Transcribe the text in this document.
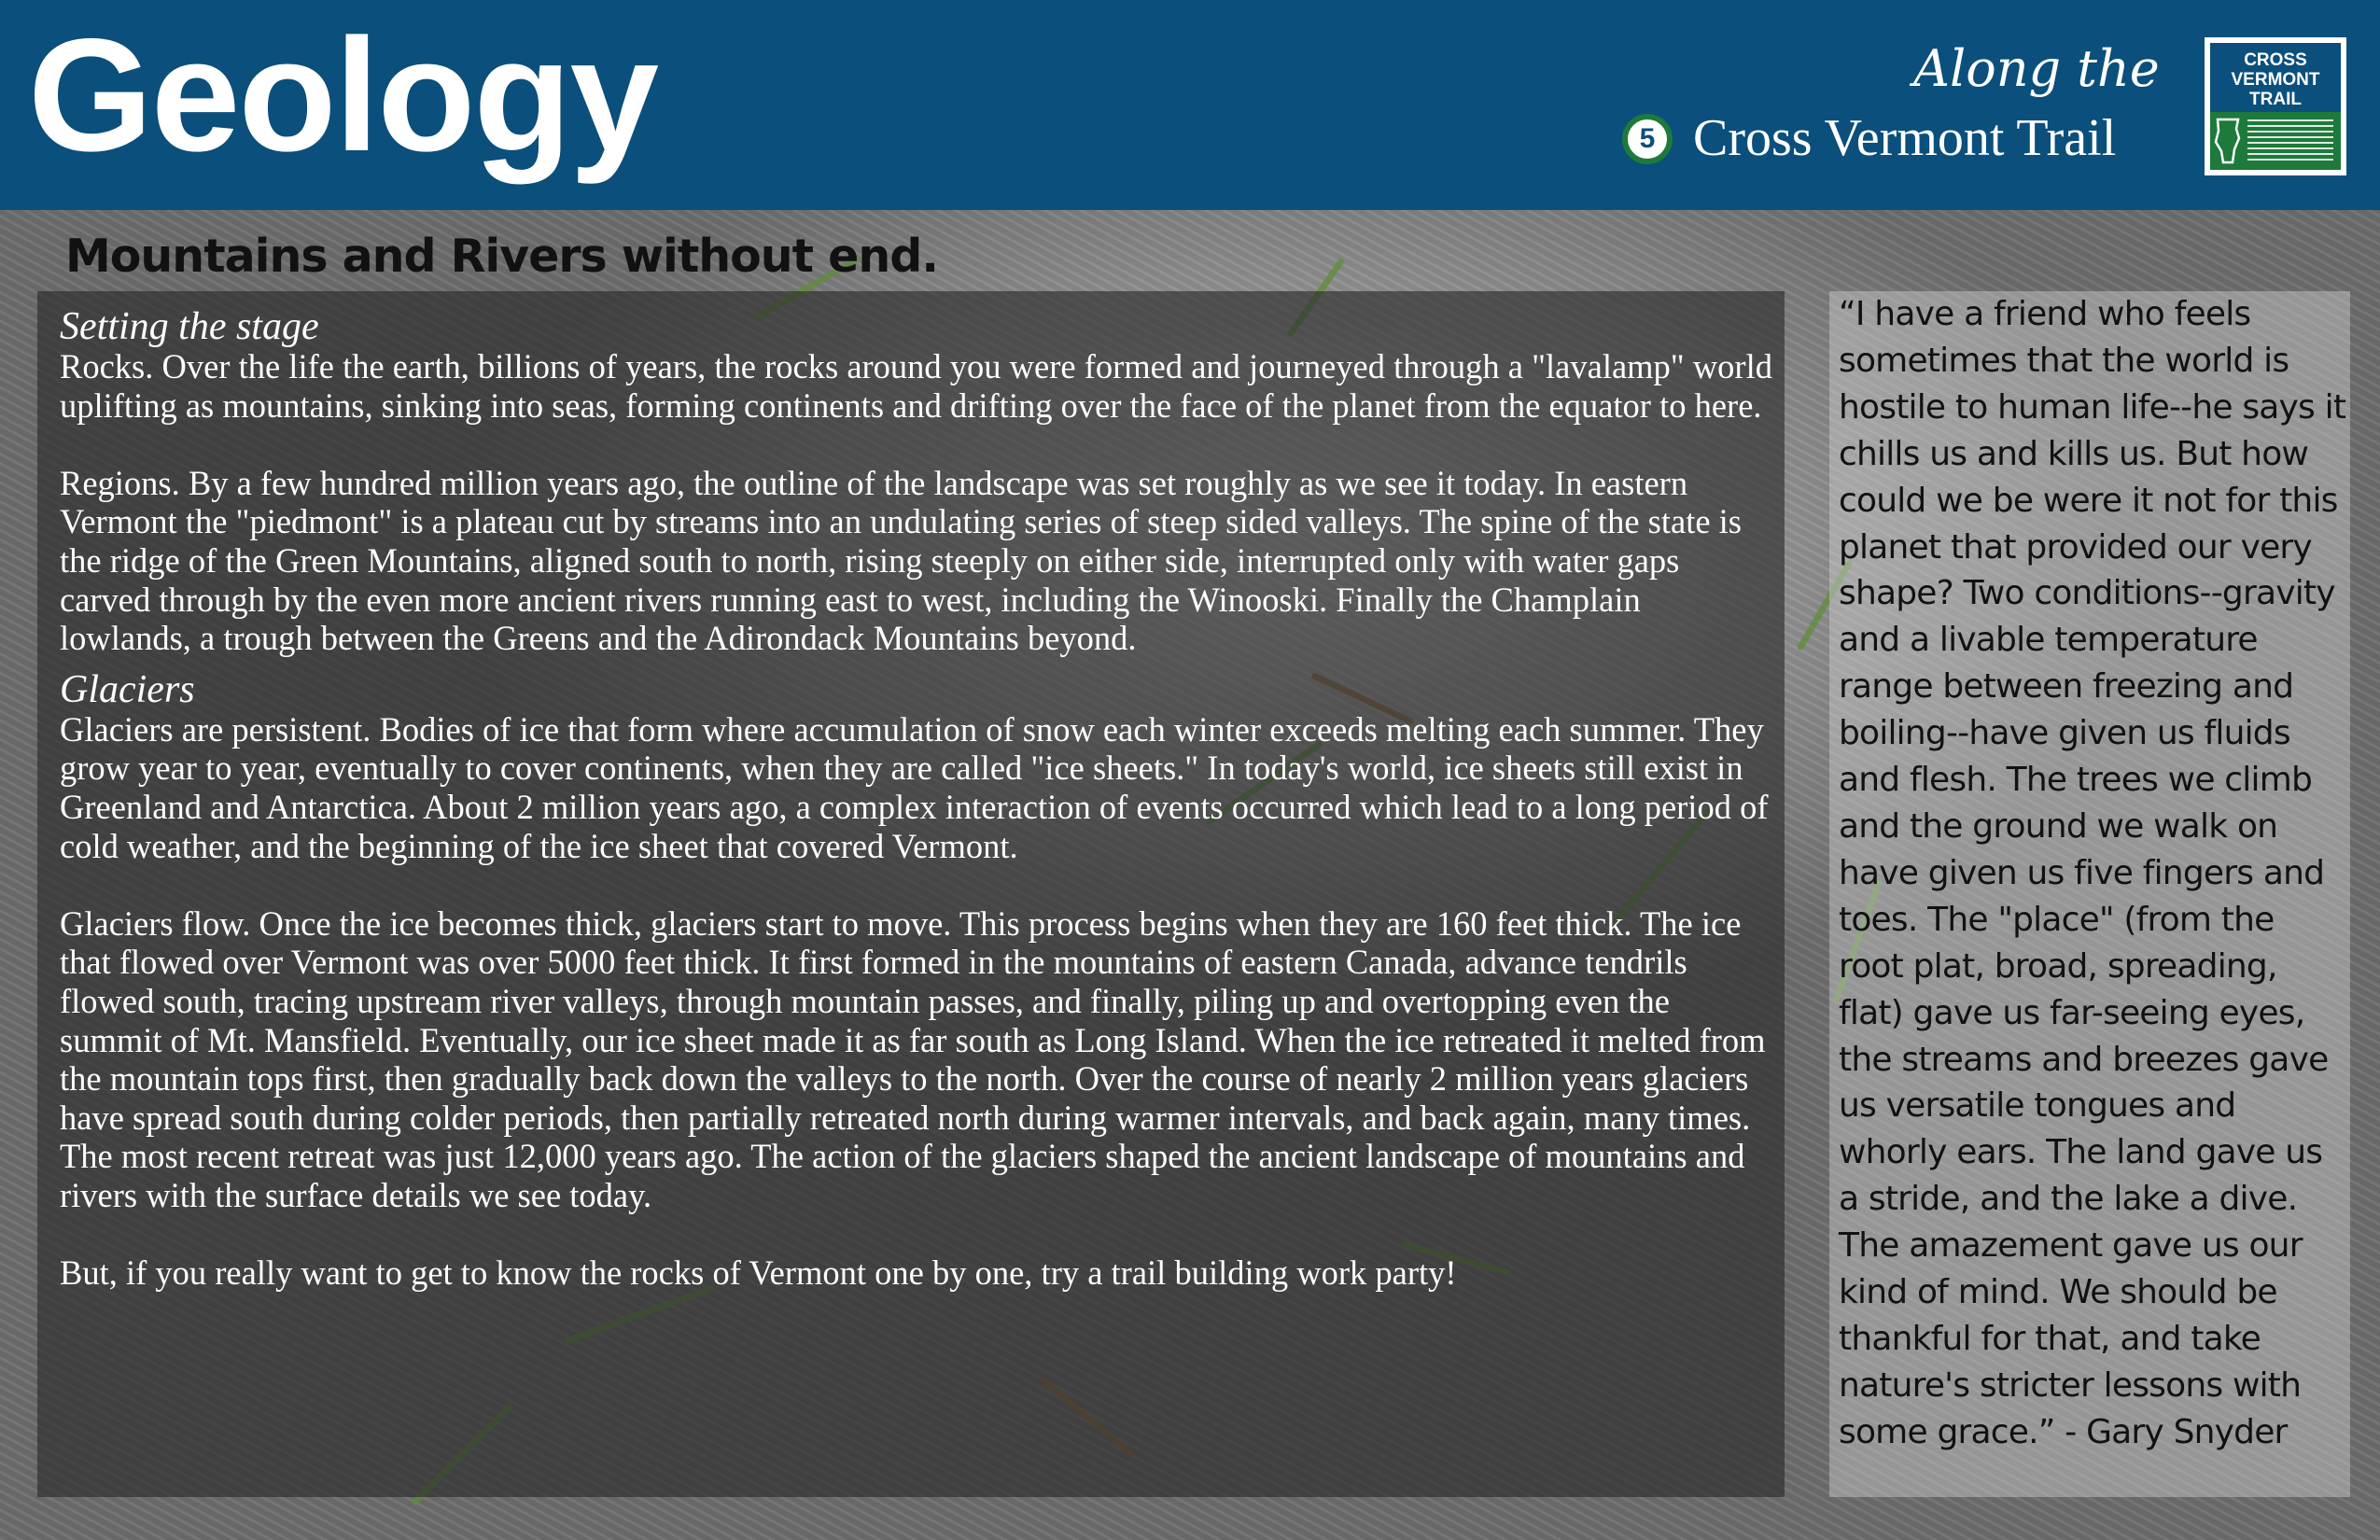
Geology	Along the
5 Cross Vermont Trail
CROSS
VERMONT
TRAIL
Mountains and Rivers without end.
Setting the stage

Rocks. Over the life the earth, billions of years, the rocks around you were formed and journeyed through a "lavalamp" world uplifting as mountains, sinking into seas, forming continents and drifting over the face of the planet from the equator to here.

Regions. By a few hundred million years ago, the outline of the landscape was set roughly as we see it today. In eastern Vermont the "piedmont" is a plateau cut by streams into an undulating series of steep sided valleys. The spine of the state is the ridge of the Green Mountains, aligned south to north, rising steeply on either side, interrupted only with water gaps carved through by the even more ancient rivers running east to west, including the Winooski. Finally the Champlain lowlands, a trough between the Greens and the Adirondack Mountains beyond.

Glaciers

Glaciers are persistent. Bodies of ice that form where accumulation of snow each winter exceeds melting each summer. They grow year to year, eventually to cover continents, when they are called "ice sheets." In today's world, ice sheets still exist in Greenland and Antarctica. About 2 million years ago, a complex interaction of events occurred which lead to a long period of cold weather, and the beginning of the ice sheet that covered Vermont.

Glaciers flow. Once the ice becomes thick, glaciers start to move. This process begins when they are 160 feet thick. The ice that flowed over Vermont was over 5000 feet thick. It first formed in the mountains of eastern Canada, advance tendrils flowed south, tracing upstream river valleys, through mountain passes, and finally, piling up and overtopping even the summit of Mt. Mansfield. Eventually, our ice sheet made it as far south as Long Island. When the ice retreated it melted from the mountain tops first, then gradually back down the valleys to the north. Over the course of nearly 2 million years glaciers have spread south during colder periods, then partially retreated north during warmer intervals, and back again, many times. The most recent retreat was just 12,000 years ago. The action of the glaciers shaped the ancient landscape of mountains and rivers with the surface details we see today.

But, if you really want to get to know the rocks of Vermont one by one, try a trail building work party!

“I have a friend who feels sometimes that the world is hostile to human life--he says it chills us and kills us. But how could we be were it not for this planet that provided our very shape? Two conditions--gravity and a livable temperature range between freezing and boiling--have given us fluids and flesh. The trees we climb and the ground we walk on have given us five fingers and toes. The "place" (from the root plat, broad, spreading, flat) gave us far-seeing eyes, the streams and breezes gave us versatile tongues and whorly ears. The land gave us a stride, and the lake a dive. The amazement gave us our kind of mind. We should be thankful for that, and take nature's stricter lessons with some grace.” - Gary Snyder
